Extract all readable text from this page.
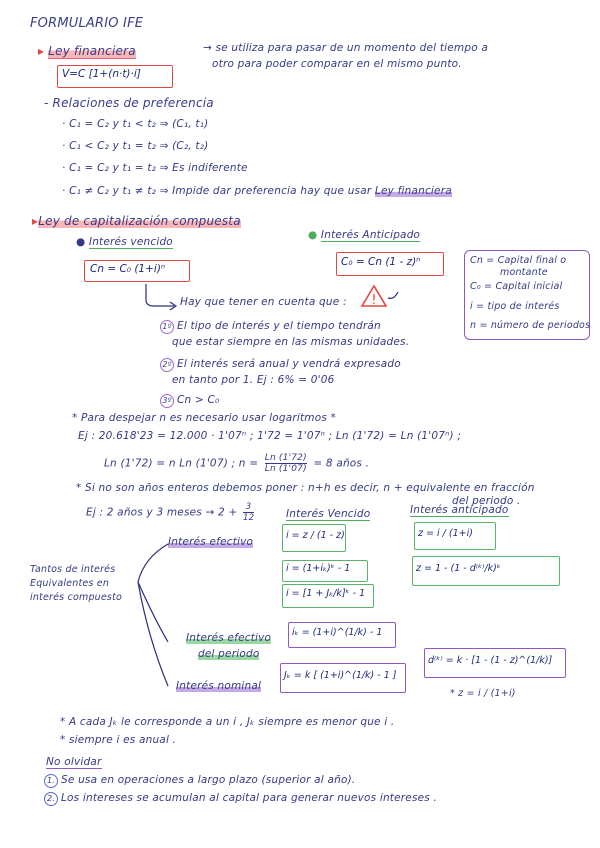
FORMULARIO IFE
▸ Ley financiera
V=C [1+(n·t)·i]
→ se utiliza para pasar de un momento del tiempo a
otro para poder comparar en el mismo punto.
- Relaciones de preferencia
· C₁ = C₂ y t₁ < t₂ ⇒ (C₁, t₁)
· C₁ < C₂ y t₁ = t₂ ⇒ (C₂, t₂)
· C₁ = C₂ y t₁ = t₂ ⇒ Es indiferente
· C₁ ≠ C₂ y t₁ ≠ t₂ ⇒ Impide dar preferencia hay que usar Ley financiera
▸Ley de capitalización compuesta
● Interés vencido
Cn = C₀ (1+i)ⁿ
● Interés Anticipado
C₀ = Cn (1 - z)ⁿ	Cn = Capital final o
montante
C₀ = Capital inicial
i = tipo de interés
n = número de periodos
Hay que tener en cuenta que : !
1º El tipo de interés y el tiempo tendrán
que estar siempre en las mismas unidades.
2º El interés será anual y vendrá expresado
en tanto por 1. Ej : 6% = 0'06
3º Cn > C₀
* Para despejar n es necesario usar logaritmos *
Ej : 20.618'23 = 12.000 · 1'07ⁿ ; 1'72 = 1'07ⁿ ; Ln (1'72) = Ln (1'07ⁿ) ;
Ln (1'72) = n Ln (1'07) ; $n = \frac{Ln (1'72)}{Ln (1'07)} = 8$ años .
* Si no son años enteros debemos poner : n+h es decir, n + equivalente en fracción
del periodo .
Ej : 2 años y 3 meses → $2 + \frac{3}{12}$
Tantos de interés
Equivalentes en
interés compuesto
Interés Vencido	Interés anticipado
Interés efectivo
i = z / (1 - z)
i = (1+iₖ)ᵏ - 1
i = [1 + Jₖ/k]ᵏ - 1
z = i / (1+i)
z = 1 - (1 - d⁽ᵏ⁾/k)ᵏ
Interés efectivo
del periodo
iₖ = (1+i)^(1/k) - 1
Interés nominal
Jₖ = k [ (1+i)^(1/k) - 1 ]
d⁽ᵏ⁾ = k · [1 - (1 - z)^(1/k)]
* z = i / (1+i)
* A cada Jₖ le corresponde a un i , Jₖ siempre es menor que i .
* siempre i es anual .
No olvidar
1. Se usa en operaciones a largo plazo (superior al año).
2. Los intereses se acumulan al capital para generar nuevos intereses .
